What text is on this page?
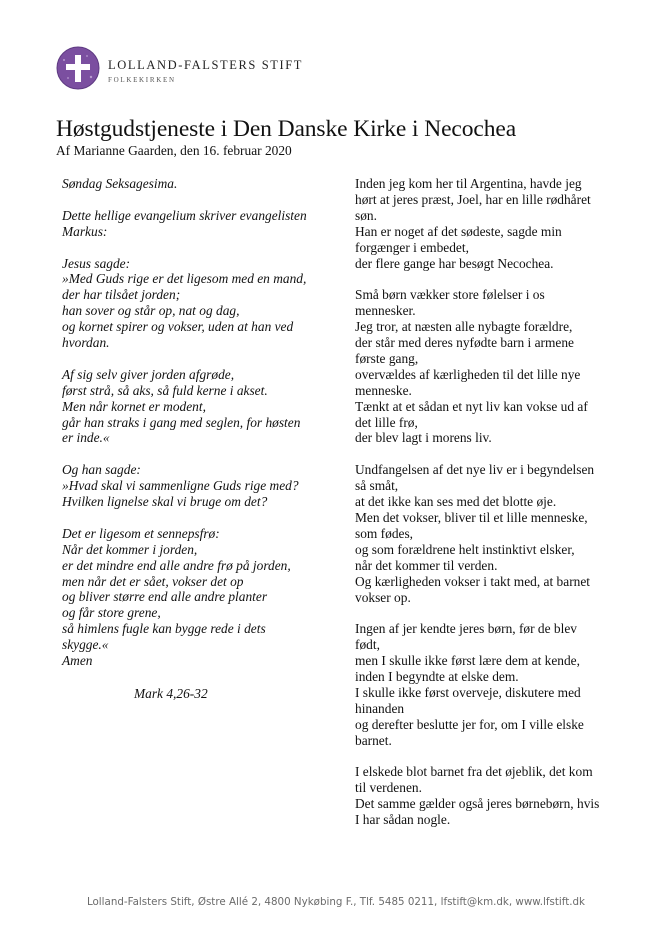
LOLLAND-FALSTERS STIFT
FOLKEKIRKEN
Høstgudstjeneste i Den Danske Kirke i Necochea
Af Marianne Gaarden, den 16. februar 2020

Søndag Seksagesima.

Dette hellige evangelium skriver evangelisten
Markus:

Jesus sagde:
»Med Guds rige er det ligesom med en mand,
der har tilsået jorden;
han sover og står op, nat og dag,
og kornet spirer og vokser, uden at han ved
hvordan.

Af sig selv giver jorden afgrøde,
først strå, så aks, så fuld kerne i akset.
Men når kornet er modent,
går han straks i gang med seglen, for høsten
er inde.«

Og han sagde:
»Hvad skal vi sammenligne Guds rige med?
Hvilken lignelse skal vi bruge om det?

Det er ligesom et sennepsfrø:
Når det kommer i jorden,
er det mindre end alle andre frø på jorden,
men når det er sået, vokser det op
og bliver større end alle andre planter
og får store grene,
så himlens fugle kan bygge rede i dets
skygge.«
Amen

Mark 4,26-32

Inden jeg kom her til Argentina, havde jeg
hørt at jeres præst, Joel, har en lille rødhåret
søn.
Han er noget af det sødeste, sagde min
forgænger i embedet,
der flere gange har besøgt Necochea.

Små børn vækker store følelser i os
mennesker.
Jeg tror, at næsten alle nybagte forældre,
der står med deres nyfødte barn i armene
første gang,
overvældes af kærligheden til det lille nye
menneske.
Tænkt at et sådan et nyt liv kan vokse ud af
det lille frø,
der blev lagt i morens liv.

Undfangelsen af det nye liv er i begyndelsen
så småt,
at det ikke kan ses med det blotte øje.
Men det vokser, bliver til et lille menneske,
som fødes,
og som forældrene helt instinktivt elsker,
når det kommer til verden.
Og kærligheden vokser i takt med, at barnet
vokser op.

Ingen af jer kendte jeres børn, før de blev
født,
men I skulle ikke først lære dem at kende,
inden I begyndte at elske dem.
I skulle ikke først overveje, diskutere med
hinanden
og derefter beslutte jer for, om I ville elske
barnet.

I elskede blot barnet fra det øjeblik, det kom
til verdenen.
Det samme gælder også jeres børnebørn, hvis
I har sådan nogle.

Lolland-Falsters Stift, Østre Allé 2, 4800 Nykøbing F., Tlf. 5485 0211, lfstift@km.dk, www.lfstift.dk
